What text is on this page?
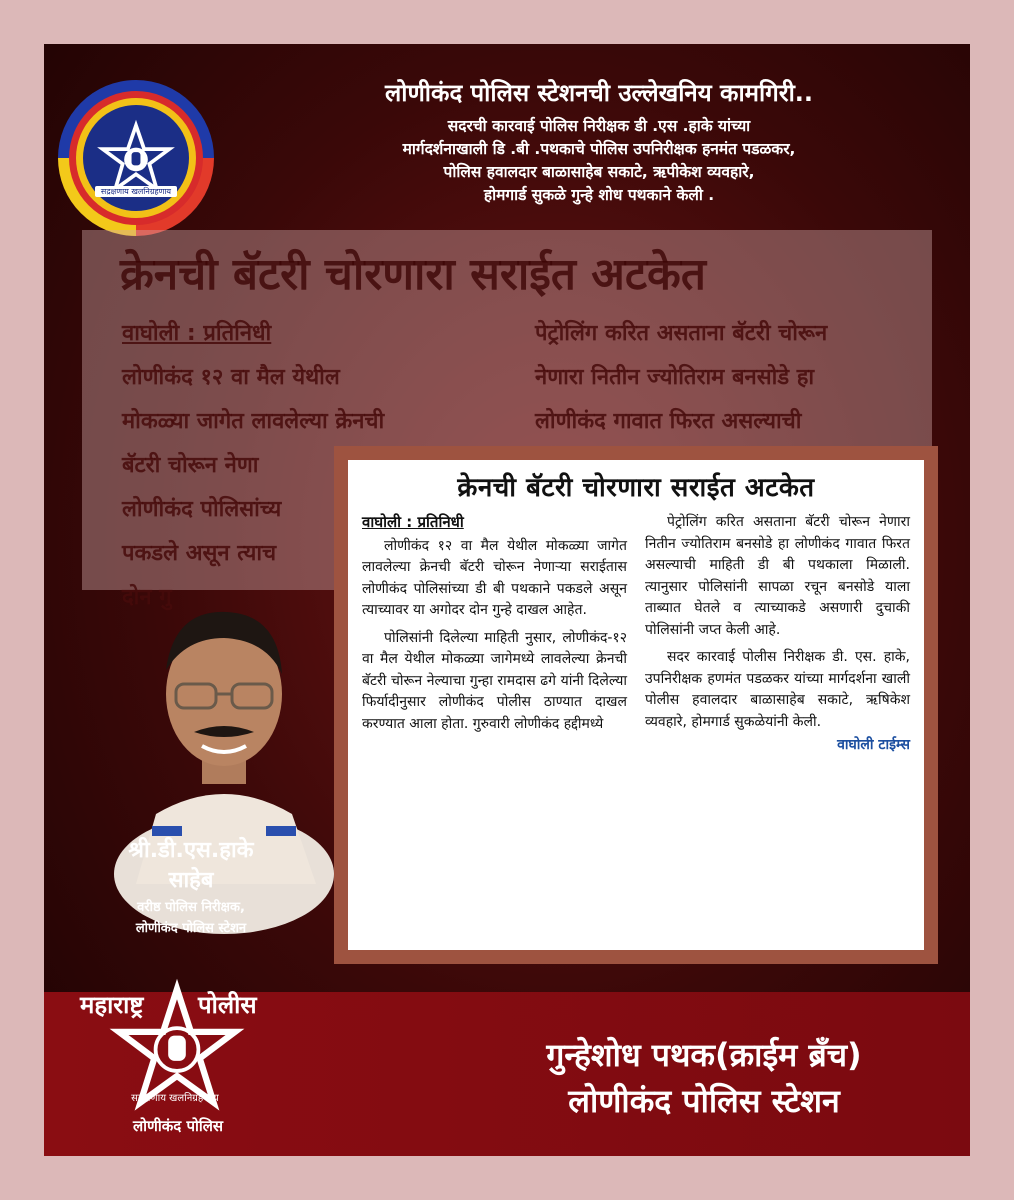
सद्रक्षणाय खलनिग्रहणाय
लोणीकंद पोलिस स्टेशनची उल्लेखनिय कामगिरी..
सदरची कारवाई पोलिस निरीक्षक डी .एस .हाके यांच्या
मार्गदर्शनाखाली डि .बी .पथकाचे पोलिस उपनिरीक्षक हनमंत पडळकर,
पोलिस हवालदार बाळासाहेब सकाटे, ऋपीकेश व्यवहारे,
होमगार्ड सुकळे गुन्हे शोध पथकाने केली .
क्रेनची बॅटरी चोरणारा सराईत अटकेत
वाघोली : प्रतिनिधी
लोणीकंद १२ वा मैल येथील
मोकळ्या जागेत लावलेल्या क्रेनची
बॅटरी चोरून नेणा
लोणीकंद पोलिसांच्य
पकडले असून त्याच
दोन गु
पेट्रोलिंग करित असताना बॅटरी चोरून
नेणारा नितीन ज्योतिराम बनसोडे हा
लोणीकंद गावात फिरत असल्याची
श्री.डी.एस.हाके
साहेब
वरीष्ठ पोलिस निरीक्षक,
लोणीकंद पोलिस स्टेशन
क्रेनची बॅटरी चोरणारा सराईत अटकेत
वाघोली : प्रतिनिधी

लोणीकंद १२ वा मैल येथील मोकळ्या जागेत लावलेल्या क्रेनची बॅटरी चोरून नेणाऱ्या सराईतास लोणीकंद पोलिसांच्या डी बी पथकाने पकडले असून त्याच्यावर या अगोदर दोन गुन्हे दाखल आहेत.

पोलिसांनी दिलेल्या माहिती नुसार, लोणीकंद-१२ वा मैल येथील मोकळ्या जागेमध्ये लावलेल्या क्रेनची बॅटरी चोरून नेल्याचा गुन्हा रामदास ढगे यांनी दिलेल्या फिर्यादीनुसार लोणीकंद पोलीस ठाण्यात दाखल करण्यात आला होता. गुरुवारी लोणीकंद हद्दीमध्ये

पेट्रोलिंग करित असताना बॅटरी चोरून नेणारा नितीन ज्योतिराम बनसोडे हा लोणीकंद गावात फिरत असल्याची माहिती डी बी पथकाला मिळाली. त्यानुसार पोलिसांनी सापळा रचून बनसोडे याला ताब्यात घेतले व त्याच्याकडे असणारी दुचाकी पोलिसांनी जप्त केली आहे.

सदर कारवाई पोलीस निरीक्षक डी. एस. हाके, उपनिरीक्षक हणमंत पडळकर यांच्या मार्गदर्शना खाली पोलीस हवालदार बाळासाहेब सकाटे, ऋषिकेश व्यवहारे, होमगार्ड सुकळेयांनी केली.

वाघोली टाईम्स
महाराष्ट्र पोलीस
सद्रक्षणाय खलनिग्रहणाय
लोणीकंद पोलिस
गुन्हेशोध पथक(क्राईम ब्रँच)
लोणीकंद पोलिस स्टेशन
